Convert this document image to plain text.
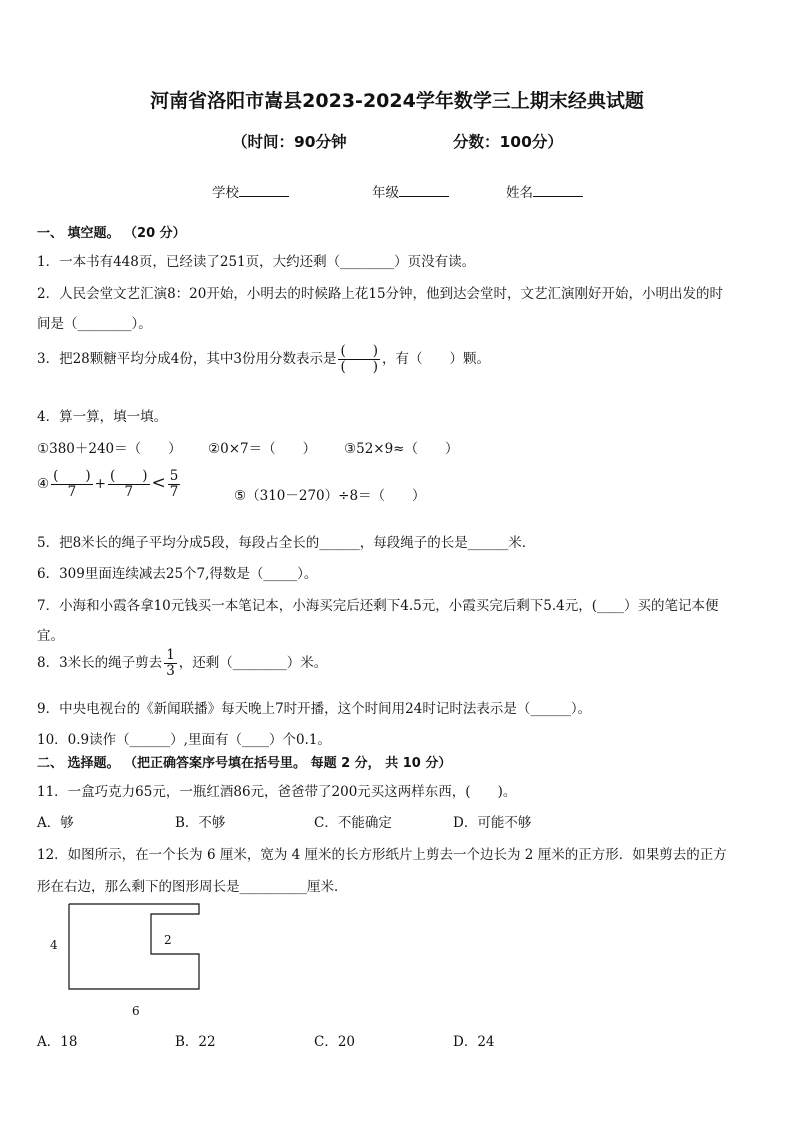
河南省洛阳市嵩县2023-2024学年数学三上期末经典试题
（时间：90分钟	分数：100分）
学校	年级	姓名
一、 填空题。 （20 分）
1．一本书有448页，已经读了251页，大约还剩（________）页没有读。
2．人民会堂文艺汇演8：20开始，小明去的时候路上花15分钟，他到达会堂时，文艺汇演刚好开始，小明出发的时
间是（________）。
3．把28颗糖平均分成4份，其中3份用分数表示是 $\frac{( )}{( )}$ ，有（　　）颗。
4．算一算，填一填。
①380＋240＝（　　） ②0×7＝（　　） ③52×9≈（　　）
④ $\frac{( )}{7} + \frac{( )}{7} < \frac{5}{7}$	⑤（310－270）÷8＝（　　）
5．把8米长的绳子平均分成5段，每段占全长的______，每段绳子的长是______米．
6．309里面连续减去25个7,得数是（_____）。
7．小海和小霞各拿10元钱买一本笔记本，小海买完后还剩下4.5元，小霞买完后剩下5.4元，(____）买的笔记本便
宜。
8．3米长的绳子剪去 $\frac{1}{3}$ ，还剩（________）米。
9．中央电视台的《新闻联播》每天晚上7时开播，这个时间用24时记时法表示是（______）。
10．0.9读作（______）,里面有（____）个0.1。
二、 选择题。 （把正确答案序号填在括号里。 每题 2 分， 共 10 分）
11．一盒巧克力65元，一瓶红酒86元，爸爸带了200元买这两样东西，(　　)。
A．够	B．不够	C．不能确定	D．可能不够
12．如图所示，在一个长为 6 厘米，宽为 4 厘米的长方形纸片上剪去一个边长为 2 厘米的正方形．如果剪去的正方
形在右边，那么剩下的图形周长是__________厘米．
4	2
6
A．18	B．22	C．20	D．24
